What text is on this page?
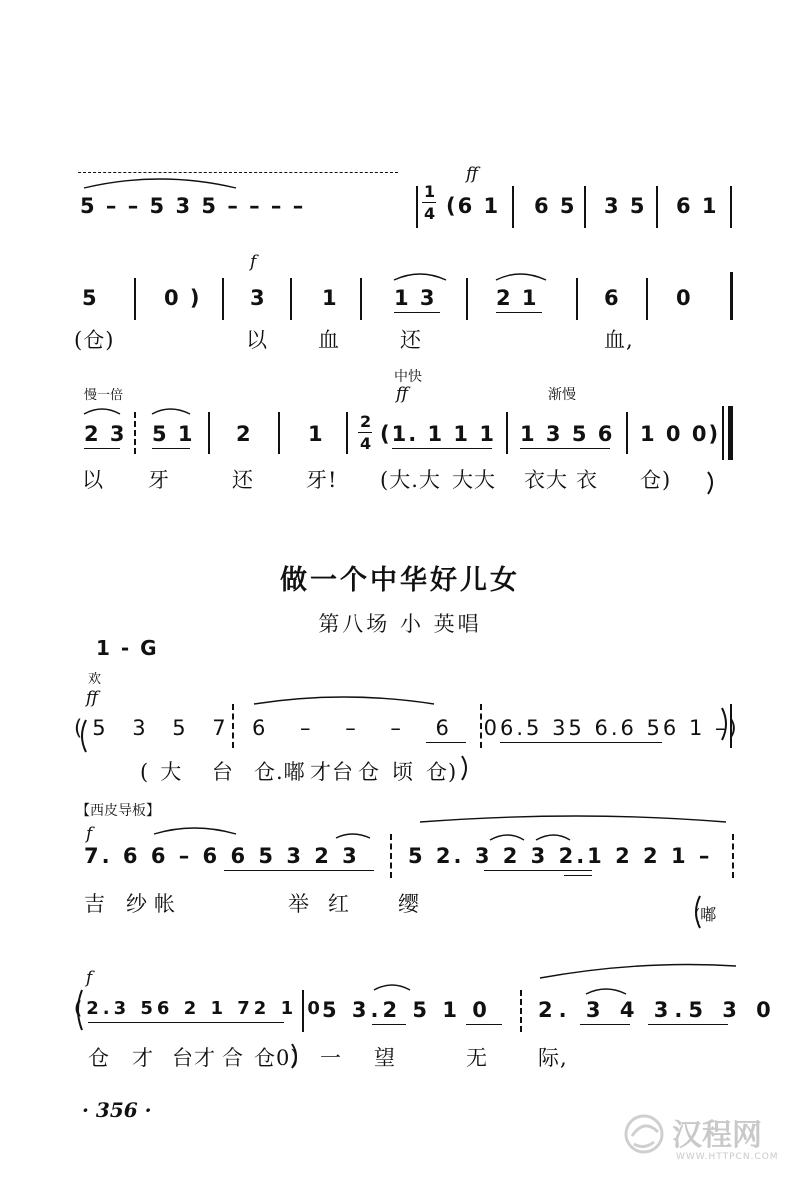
5 – – 5 3 5 – – – –
1
4
ff
(6 1 6 5 3 5 6 1
f
5	0 ) 3	1	1 3	2 1	6	0
(仓)	以 血	还	血,
慢一倍
中快
ff	渐慢
2 3 5 1 2	1
2
4 (1. 1 1 1 1 3 5 6 1 0 0)
以 牙	还 牙! (大.大 大大 衣大 衣 仓)
做一个中华好儿女
第八场 小 英唱
1 - G
欢
ff
(5 3 5 7 6 – – – 6 0
6.5 35 6.6 56 1 –)
(大 台 仓.嘟 才台 仓 顷 仓)
【西皮导板】
f
7. 6 6 – 6 6 5 3 2 3 5 2. 3 2 3 2.1 2 2 1 –
吉 纱 帐	举 红 缨	(嘟
f
(2.3 56 2 1 72 1 0
5 3.2 5 1 0 2. 3 4 3.5 3 0
仓 才 台才 合 仓0) 一 望	无 际,
· 356 ·
汉程网
WWW.HTTPCN.COM
